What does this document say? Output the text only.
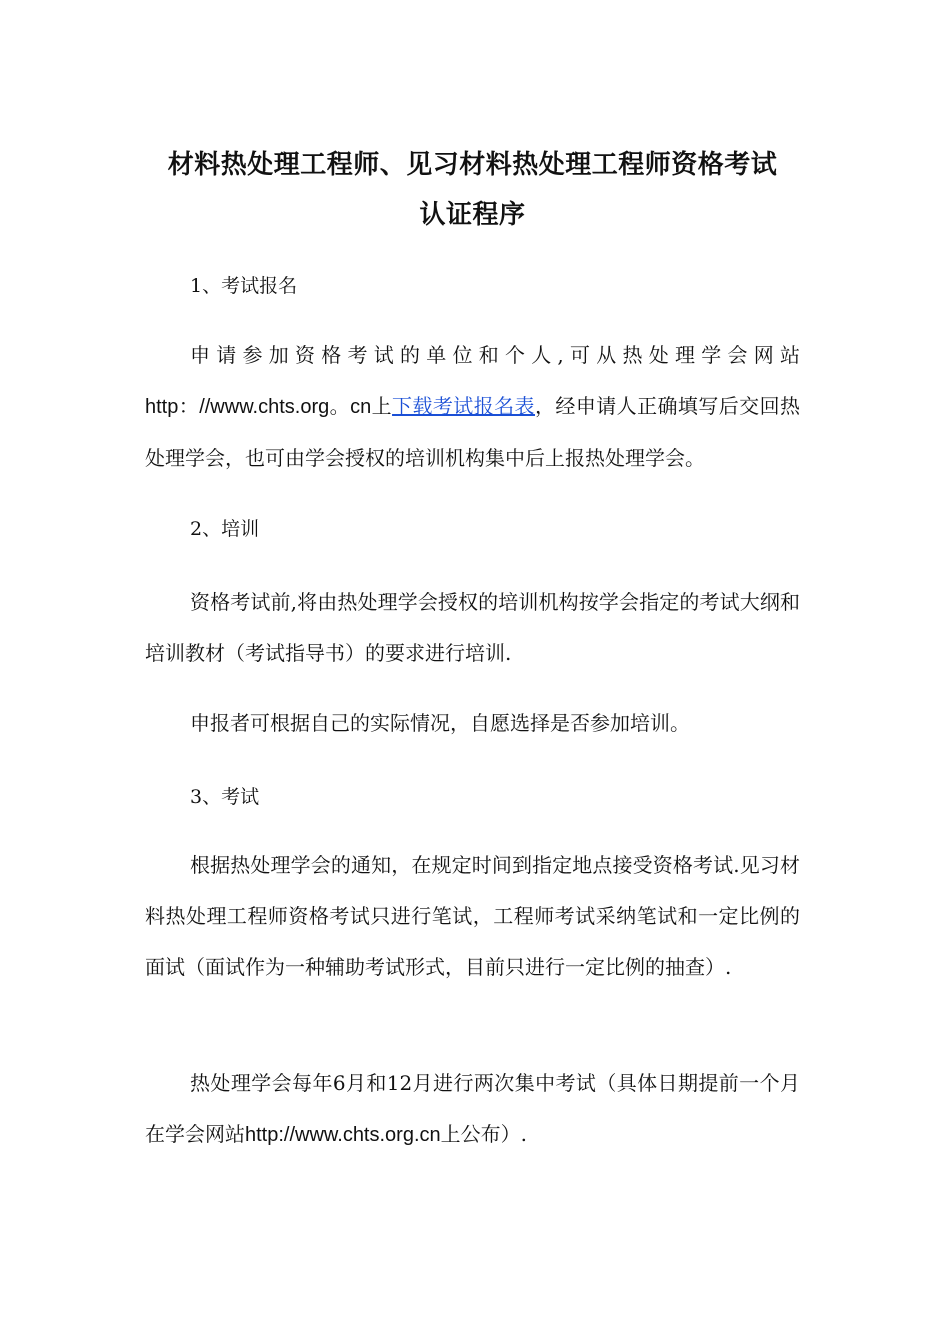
材料热处理工程师、见习材料热处理工程师资格考试
认证程序
1、考试报名

申请参加资格考试的单位和个人,可从热处理学会网站http：//www.chts.org。cn上下载考试报名表，经申请人正确填写后交回热处理学会，也可由学会授权的培训机构集中后上报热处理学会。

2、培训

资格考试前,将由热处理学会授权的培训机构按学会指定的考试大纲和培训教材（考试指导书）的要求进行培训.

申报者可根据自己的实际情况，自愿选择是否参加培训。

3、考试

根据热处理学会的通知，在规定时间到指定地点接受资格考试.见习材料热处理工程师资格考试只进行笔试，工程师考试采纳笔试和一定比例的面试（面试作为一种辅助考试形式，目前只进行一定比例的抽查）.

热处理学会每年6月和12月进行两次集中考试（具体日期提前一个月在学会网站http://www.chts.org.cn上公布）.
